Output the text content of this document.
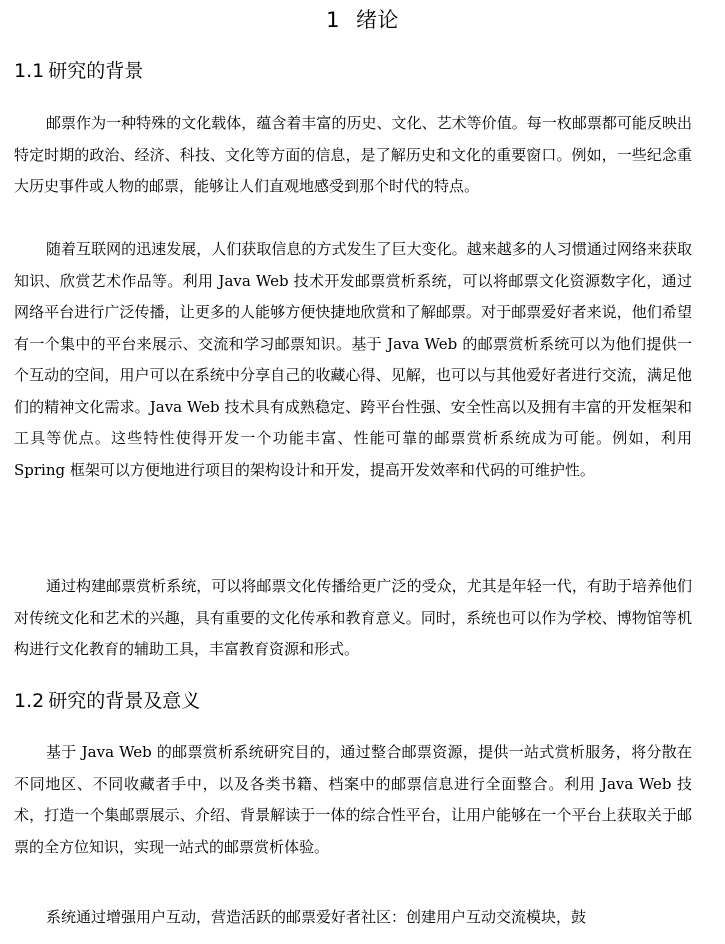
1 绪论
1.1 研究的背景

邮票作为一种特殊的文化载体，蕴含着丰富的历史、文化、艺术等价值。每一枚邮票都可能反映出特定时期的政治、经济、科技、文化等方面的信息，是了解历史和文化的重要窗口。例如，一些纪念重大历史事件或人物的邮票，能够让人们直观地感受到那个时代的特点。

随着互联网的迅速发展，人们获取信息的方式发生了巨大变化。越来越多的人习惯通过网络来获取知识、欣赏艺术作品等。利用 Java Web 技术开发邮票赏析系统，可以将邮票文化资源数字化，通过网络平台进行广泛传播，让更多的人能够方便快捷地欣赏和了解邮票。对于邮票爱好者来说，他们希望有一个集中的平台来展示、交流和学习邮票知识。基于 Java Web 的邮票赏析系统可以为他们提供一个互动的空间，用户可以在系统中分享自己的收藏心得、见解，也可以与其他爱好者进行交流，满足他们的精神文化需求。Java Web 技术具有成熟稳定、跨平台性强、安全性高以及拥有丰富的开发框架和工具等优点。这些特性使得开发一个功能丰富、性能可靠的邮票赏析系统成为可能。例如，利用 Spring 框架可以方便地进行项目的架构设计和开发，提高开发效率和代码的可维护性。

通过构建邮票赏析系统，可以将邮票文化传播给更广泛的受众，尤其是年轻一代，有助于培养他们对传统文化和艺术的兴趣，具有重要的文化传承和教育意义。同时，系统也可以作为学校、博物馆等机构进行文化教育的辅助工具，丰富教育资源和形式。

1.2 研究的背景及意义

基于 Java Web 的邮票赏析系统研究目的，通过整合邮票资源，提供一站式赏析服务，将分散在不同地区、不同收藏者手中，以及各类书籍、档案中的邮票信息进行全面整合。利用 Java Web 技术，打造一个集邮票展示、介绍、背景解读于一体的综合性平台，让用户能够在一个平台上获取关于邮票的全方位知识，实现一站式的邮票赏析体验。

系统通过增强用户互动，营造活跃的邮票爱好者社区：创建用户互动交流模块，鼓
